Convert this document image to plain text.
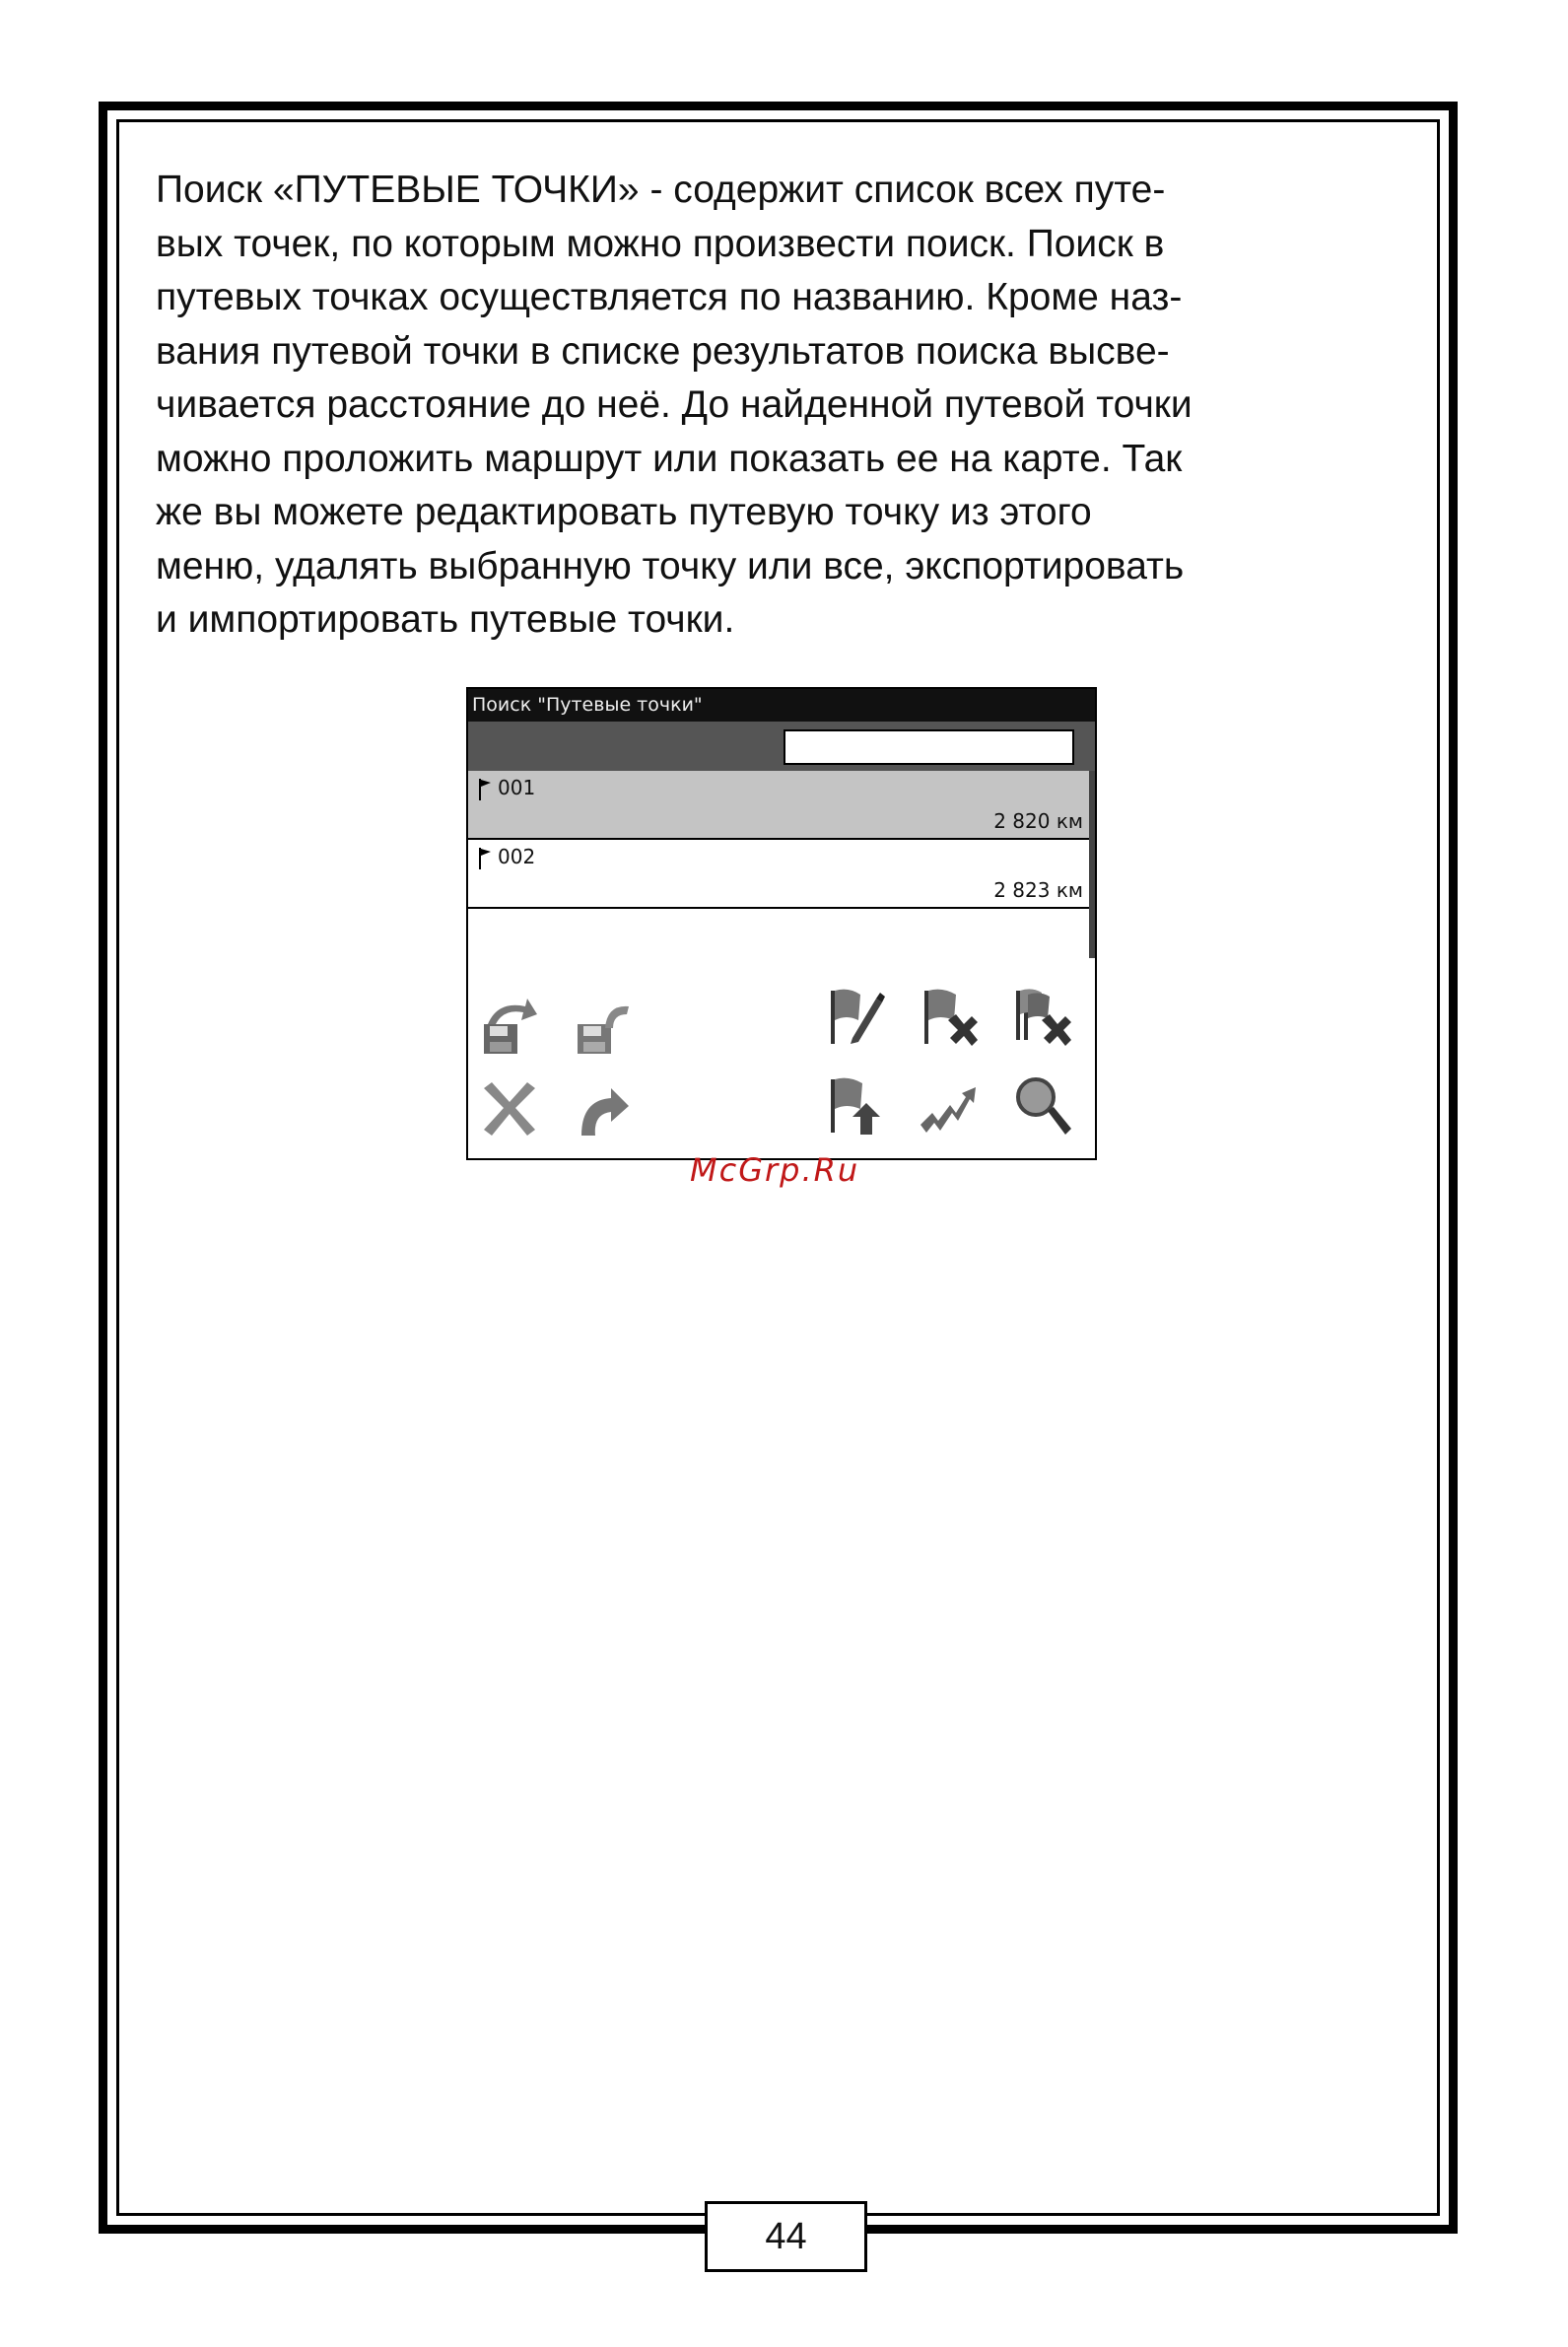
Поиск «ПУТЕВЫЕ ТОЧКИ» - содержит список всех путе-
вых точек, по которым можно произвести поиск. Поиск в
путевых точках осуществляется по названию. Кроме наз-
вания путевой точки в списке результатов поиска высве-
чивается расстояние до неё. До найденной путевой точки
можно проложить маршрут или показать ее на карте. Так
же вы можете редактировать путевую точку из этого
меню, удалять выбранную точку или все, экспортировать
и импортировать путевые точки.

Поиск "Путевые точки"
001
2 820 км
002
2 823 км
McGrp.Ru
44
